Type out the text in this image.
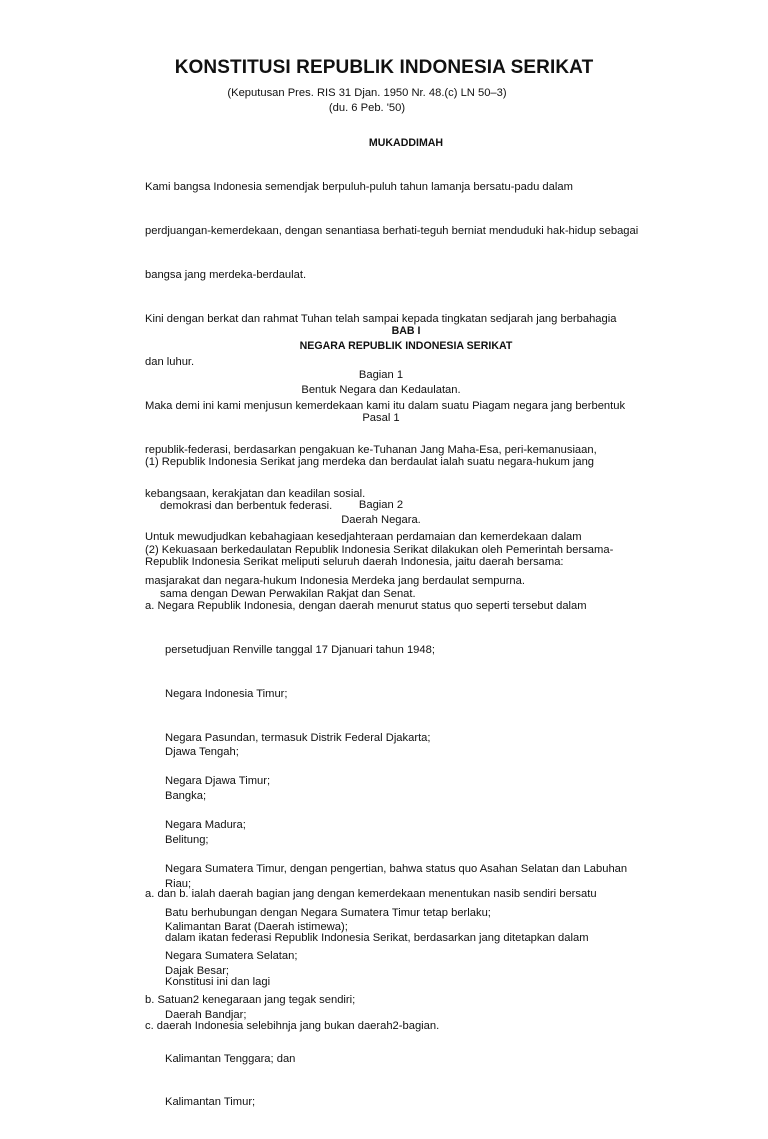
KONSTITUSI REPUBLIK INDONESIA SERIKAT
(Keputusan Pres. RIS 31 Djan. 1950 Nr. 48.(c) LN 50–3)
(du. 6 Peb. '50)
MUKADDIMAH

Kami bangsa Indonesia semendjak berpuluh-puluh tahun lamanja bersatu-padu dalam

perdjuangan-kemerdekaan, dengan senantiasa berhati-teguh berniat menduduki hak-hidup sebagai

bangsa jang merdeka-berdaulat.

Kini dengan berkat dan rahmat Tuhan telah sampai kepada tingkatan sedjarah jang berbahagia

dan luhur.

Maka demi ini kami menjusun kemerdekaan kami itu dalam suatu Piagam negara jang berbentuk

republik-federasi, berdasarkan pengakuan ke-Tuhanan Jang Maha-Esa, peri-kemanusiaan,

kebangsaan, kerakjatan dan keadilan sosial.

Untuk mewudjudkan kebahagiaan kesedjahteraan perdamaian dan kemerdekaan dalam

masjarakat dan negara-hukum Indonesia Merdeka jang berdaulat sempurna.

BAB I
NEGARA REPUBLIK INDONESIA SERIKAT
Bagian 1
Bentuk Negara dan Kedaulatan.
Pasal 1

(1) Republik Indonesia Serikat jang merdeka dan berdaulat ialah suatu negara-hukum jang

demokrasi dan berbentuk federasi.

(2) Kekuasaan berkedaulatan Republik Indonesia Serikat dilakukan oleh Pemerintah bersama-

sama dengan Dewan Perwakilan Rakjat dan Senat.

Bagian 2
Daerah Negara.
Republik Indonesia Serikat meliputi seluruh daerah Indonesia, jaitu daerah bersama:

a. Negara Republik Indonesia, dengan daerah menurut status quo seperti tersebut dalam

persetudjuan Renville tanggal 17 Djanuari tahun 1948;

Negara Indonesia Timur;

Negara Pasundan, termasuk Distrik Federal Djakarta;

Negara Djawa Timur;

Negara Madura;

Negara Sumatera Timur, dengan pengertian, bahwa status quo Asahan Selatan dan Labuhan

Batu berhubungan dengan Negara Sumatera Timur tetap berlaku;

Negara Sumatera Selatan;

b. Satuan2 kenegaraan jang tegak sendiri;

Djawa Tengah;

Bangka;

Belitung;

Riau;

Kalimantan Barat (Daerah istimewa);

Dajak Besar;

Daerah Bandjar;

Kalimantan Tenggara; dan

Kalimantan Timur;

a. dan b. ialah daerah bagian jang dengan kemerdekaan menentukan nasib sendiri bersatu

dalam ikatan federasi Republik Indonesia Serikat, berdasarkan jang ditetapkan dalam

Konstitusi ini dan lagi

c. daerah Indonesia selebihnja jang bukan daerah2-bagian.
